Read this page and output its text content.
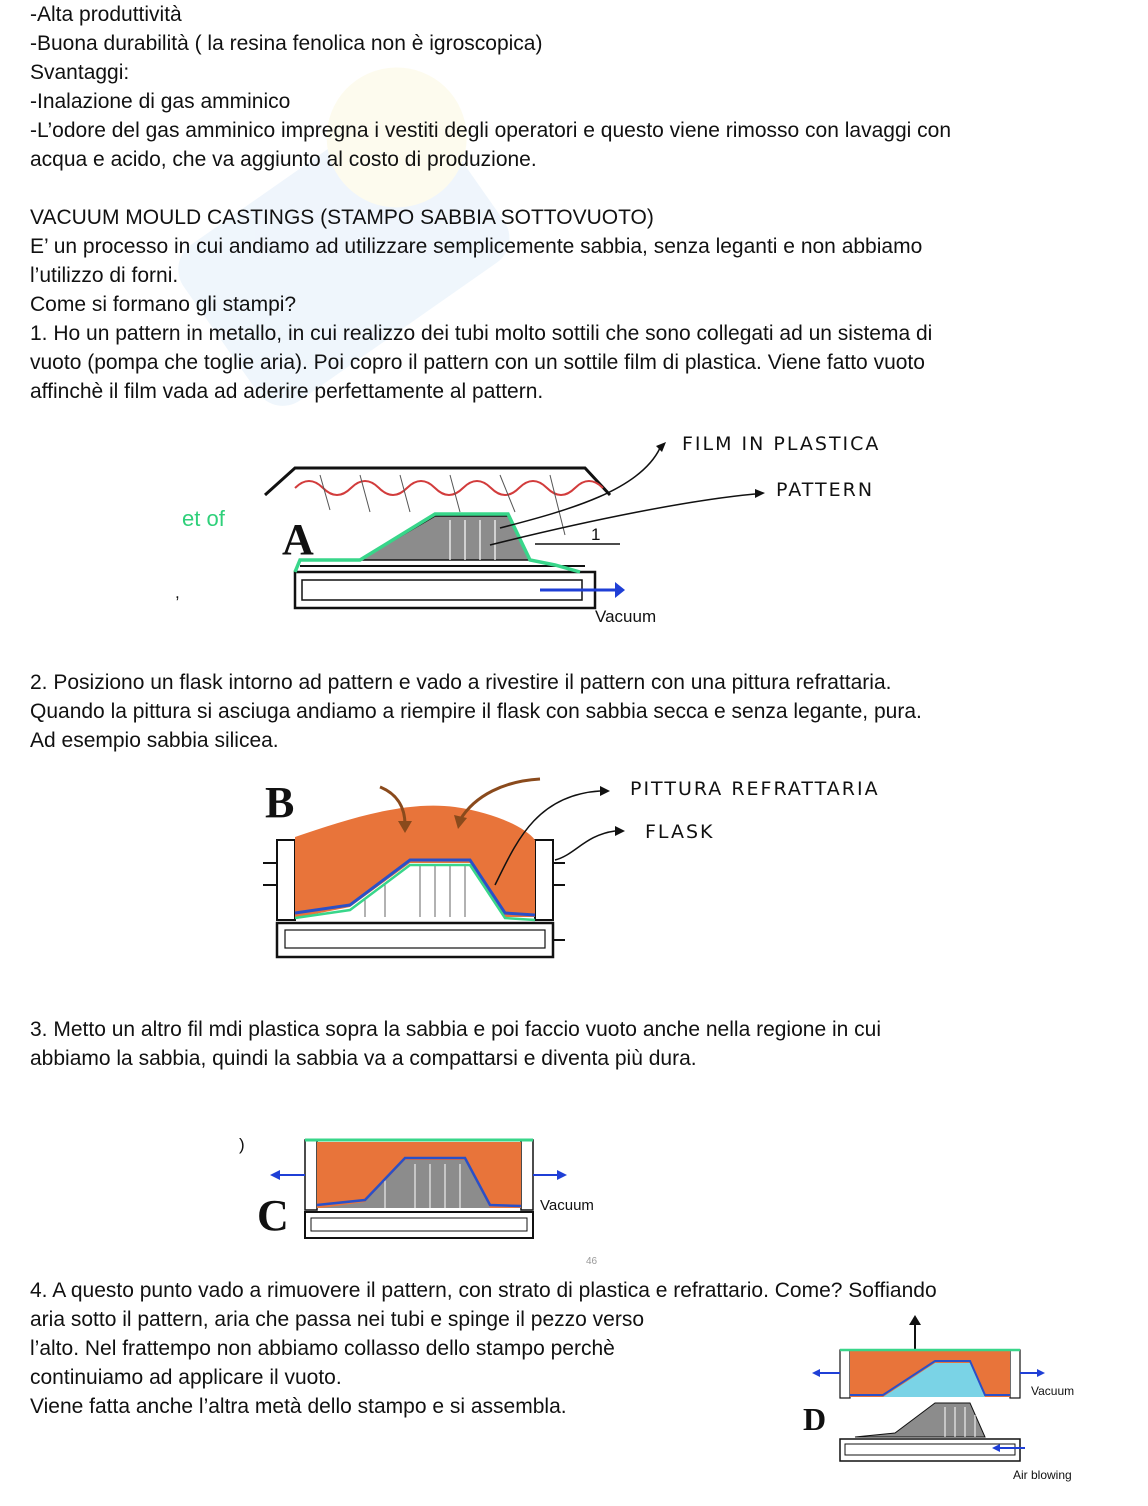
-Alta produttività
-Buona durabilità ( la resina fenolica non è igroscopica)
Svantaggi:
-Inalazione di gas amminico
-L’odore del gas amminico impregna i vestiti degli operatori e questo viene rimosso con lavaggi con
acqua e acido, che va aggiunto al costo di produzione.
VACUUM MOULD CASTINGS (STAMPO SABBIA SOTTOVUOTO)
E’ un processo in cui andiamo ad utilizzare semplicemente sabbia, senza leganti e non abbiamo
l’utilizzo di forni.
Come si formano gli stampi?
1. Ho un pattern in metallo, in cui realizzo dei tubi molto sottili che sono collegati ad un sistema di
vuoto (pompa che toglie aria). Poi copro il pattern con un sottile film di plastica. Viene fatto vuoto
affinchè il film vada ad aderire perfettamente al pattern.
et of
,
Vacuum
A	1
FILM IN PLASTICA
PATTERN
2. Posiziono un flask intorno ad pattern e vado a rivestire il pattern con una pittura refrattaria.
Quando la pittura si asciuga andiamo a riempire il flask con sabbia secca e senza legante, pura.
Ad esempio sabbia silicea.
B	PITTURA REFRATTARIA
FLASK
3. Metto un altro fil mdi plastica sopra la sabbia e poi faccio vuoto anche nella regione in cui
abbiamo la sabbia, quindi la sabbia va a compattarsi e diventa più dura.
)
Vacuum
C
46
4. A questo punto vado a rimuovere il pattern, con strato di plastica e refrattario. Come? Soffiando
aria sotto il pattern, aria che passa nei tubi e spinge il pezzo verso
l’alto. Nel frattempo non abbiamo collasso dello stampo perchè
continuiamo ad applicare il vuoto.
Viene fatta anche l’altra metà dello stampo e si assembla.
Vacuum
Air blowing
D
